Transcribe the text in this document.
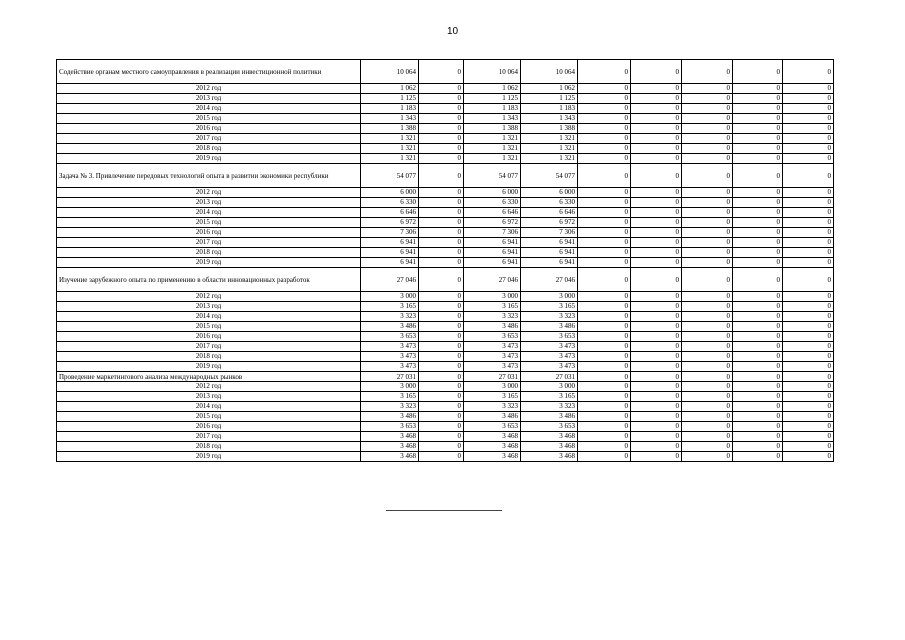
10
Содействие органам местного самоуправления в реализации инвестиционной политики	10 064	0	10 064	10 064	0	0	0	0	0
2012 год	1 062	0	1 062	1 062	0	0	0	0	0
2013 год	1 125	0	1 125	1 125	0	0	0	0	0
2014 год	1 183	0	1 183	1 183	0	0	0	0	0
2015 год	1 343	0	1 343	1 343	0	0	0	0	0
2016 год	1 388	0	1 388	1 388	0	0	0	0	0
2017 год	1 321	0	1 321	1 321	0	0	0	0	0
2018 год	1 321	0	1 321	1 321	0	0	0	0	0
2019 год	1 321	0	1 321	1 321	0	0	0	0	0
Задача № 3. Привлечение передовых технологий опыта в развитии экономики республики	54 077	0	54 077	54 077	0	0	0	0	0
2012 год	6 000	0	6 000	6 000	0	0	0	0	0
2013 год	6 330	0	6 330	6 330	0	0	0	0	0
2014 год	6 646	0	6 646	6 646	0	0	0	0	0
2015 год	6 972	0	6 972	6 972	0	0	0	0	0
2016 год	7 306	0	7 306	7 306	0	0	0	0	0
2017 год	6 941	0	6 941	6 941	0	0	0	0	0
2018 год	6 941	0	6 941	6 941	0	0	0	0	0
2019 год	6 941	0	6 941	6 941	0	0	0	0	0
Изучение зарубежного опыта по применению в области инновационных разработок	27 046	0	27 046	27 046	0	0	0	0	0
2012 год	3 000	0	3 000	3 000	0	0	0	0	0
2013 год	3 165	0	3 165	3 165	0	0	0	0	0
2014 год	3 323	0	3 323	3 323	0	0	0	0	0
2015 год	3 486	0	3 486	3 486	0	0	0	0	0
2016 год	3 653	0	3 653	3 653	0	0	0	0	0
2017 год	3 473	0	3 473	3 473	0	0	0	0	0
2018 год	3 473	0	3 473	3 473	0	0	0	0	0
2019 год	3 473	0	3 473	3 473	0	0	0	0	0
Проведение маркетингового анализа международных рынков	27 031	0	27 031	27 031	0	0	0	0	0
2012 год	3 000	0	3 000	3 000	0	0	0	0	0
2013 год	3 165	0	3 165	3 165	0	0	0	0	0
2014 год	3 323	0	3 323	3 323	0	0	0	0	0
2015 год	3 486	0	3 486	3 486	0	0	0	0	0
2016 год	3 653	0	3 653	3 653	0	0	0	0	0
2017 год	3 468	0	3 468	3 468	0	0	0	0	0
2018 год	3 468	0	3 468	3 468	0	0	0	0	0
2019 год	3 468	0	3 468	3 468	0	0	0	0	0
